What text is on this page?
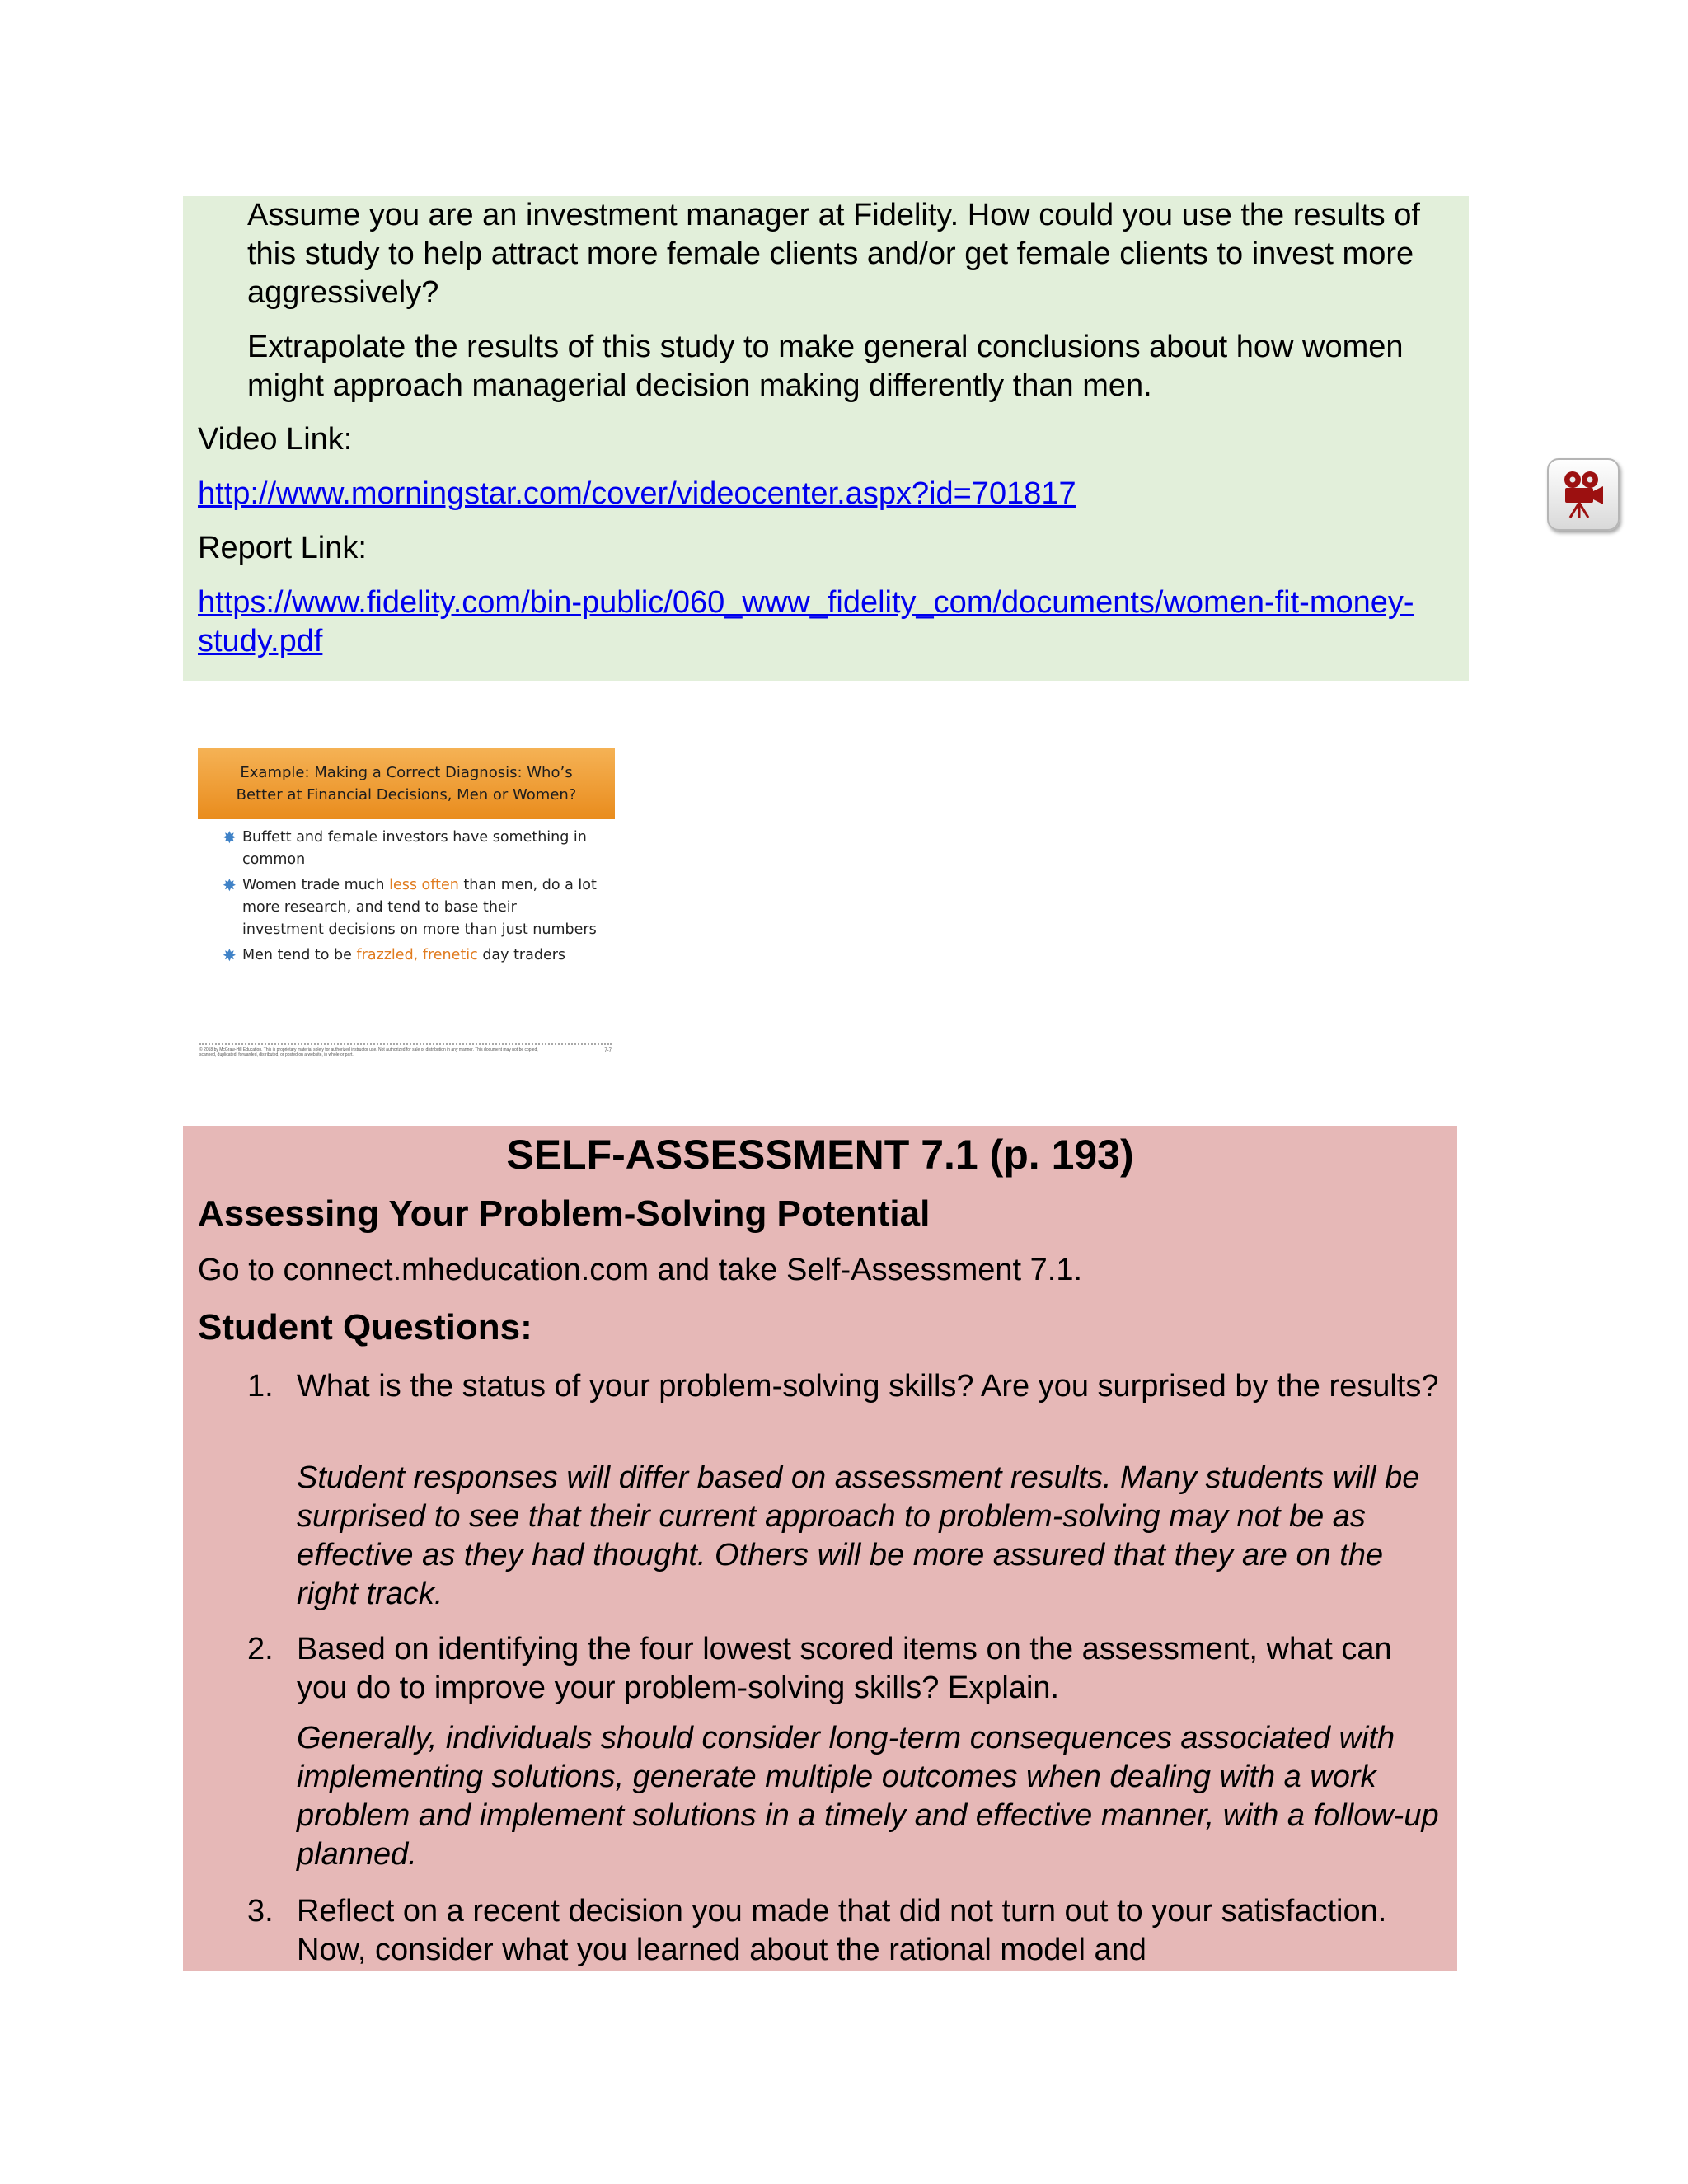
Assume you are an investment manager at Fidelity. How could you use the results of this study to help attract more female clients and/or get female clients to invest more aggressively?
Extrapolate the results of this study to make general conclusions about how women might approach managerial decision making differently than men.
Video Link:
http://www.morningstar.com/cover/videocenter.aspx?id=701817
Report Link:
https://www.fidelity.com/bin-public/060_www_fidelity_com/documents/women-fit-money-study.pdf
Example: Making a Correct Diagnosis: Who’s
Better at Financial Decisions, Men or Women?
✸ Buffett and female investors have something in common
✸ Women trade much less often than men, do a lot more research, and tend to base their investment decisions on more than just numbers
✸ Men tend to be frazzled, frenetic day traders
© 2018 by McGraw-Hill Education. This is proprietary material solely for authorized instructor use. Not authorized for sale or distribution in any manner. This document may not be copied, scanned, duplicated, forwarded, distributed, or posted on a website, in whole or part.
7-7
SELF-ASSESSMENT 7.1 (p. 193)
Assessing Your Problem-Solving Potential
Go to connect.mheducation.com and take Self-Assessment 7.1.
Student Questions:
1. What is the status of your problem-solving skills? Are you surprised by the results?
Student responses will differ based on assessment results. Many students will be surprised to see that their current approach to problem-solving may not be as effective as they had thought. Others will be more assured that they are on the right track.
2. Based on identifying the four lowest scored items on the assessment, what can you do to improve your problem-solving skills? Explain.
Generally, individuals should consider long-term consequences associated with implementing solutions, generate multiple outcomes when dealing with a work problem and implement solutions in a timely and effective manner, with a follow-up planned.
3. Reflect on a recent decision you made that did not turn out to your satisfaction. Now, consider what you learned about the rational model and
